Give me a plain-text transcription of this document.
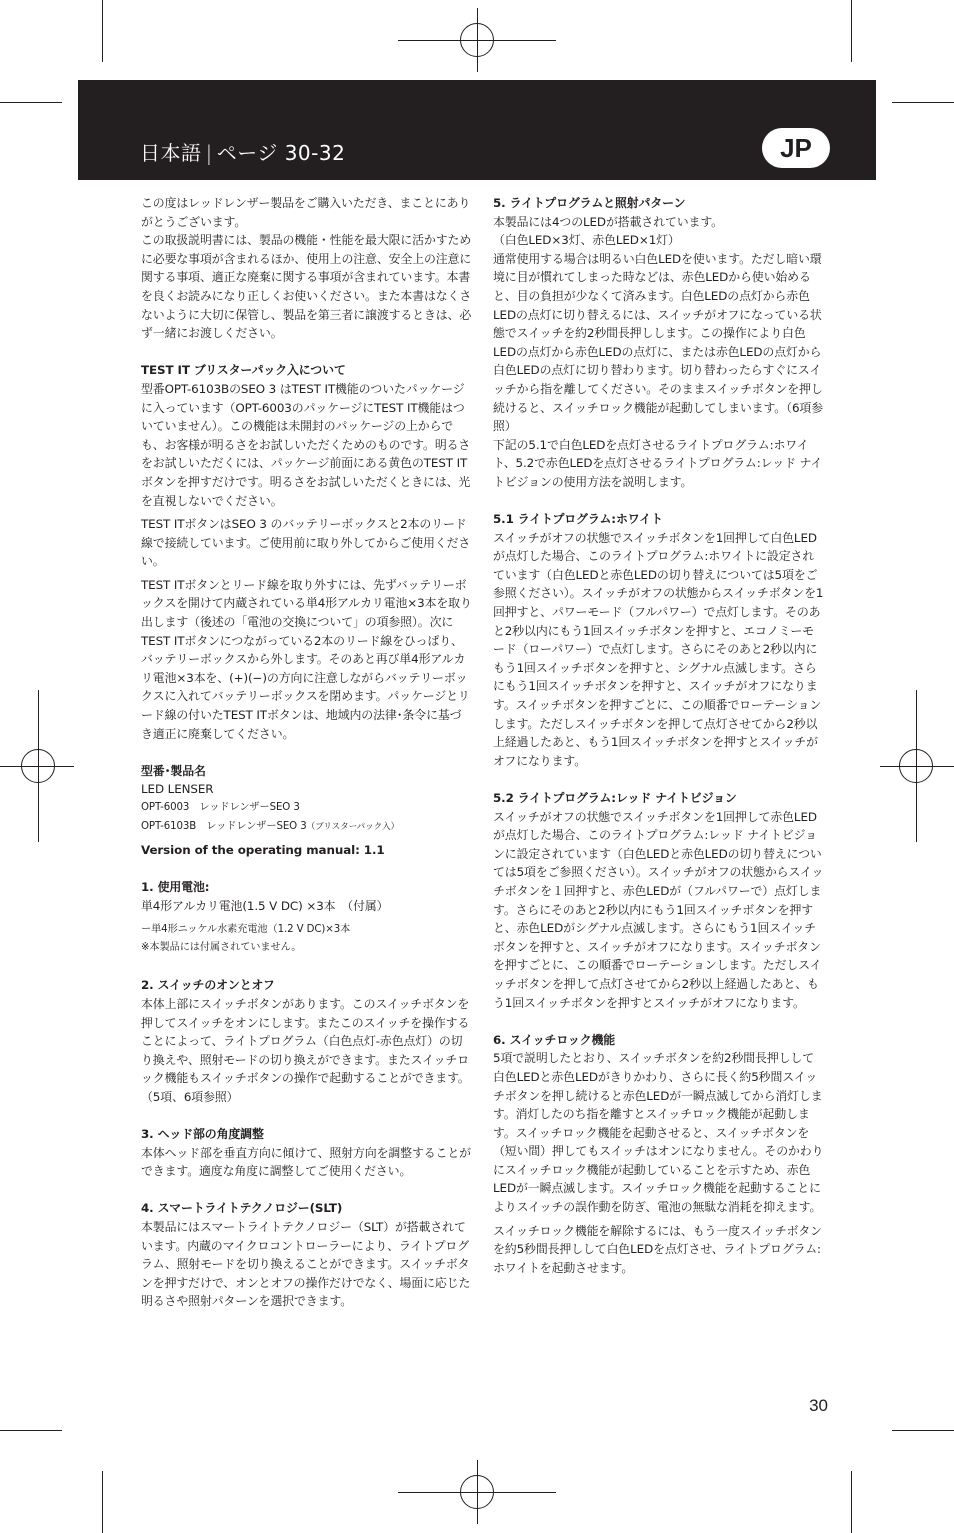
日本語 | ページ 30-32	JP

この度はレッドレンザー製品をご購入いただき、まことにありがとうございます。

この取扱説明書には、製品の機能・性能を最大限に活かすために必要な事項が含まれるほか、使用上の注意、安全上の注意に関する事項、適正な廃棄に関する事項が含まれています。本書を良くお読みになり正しくお使いください。また本書はなくさないように大切に保管し、製品を第三者に譲渡するときは、必ず一緒にお渡しください。

TEST IT ブリスターパック入について

型番OPT-6103BのSEO 3 はTEST IT機能のついたパッケージに入っています（OPT-6003のパッケージにTEST IT機能はついていません）。この機能は未開封のパッケージの上からでも、お客様が明るさをお試しいただくためのものです。明るさをお試しいただくには、パッケージ前面にある黄色のTEST ITボタンを押すだけです。明るさをお試しいただくときには、光を直視しないでください。

TEST ITボタンはSEO 3 のバッテリーボックスと2本のリード線で接続しています。ご使用前に取り外してからご使用ください。

TEST ITボタンとリード線を取り外すには、先ずバッテリーボックスを開けて内蔵されている単4形アルカリ電池×3本を取り出します（後述の「電池の交換について」の項参照）。次にTEST ITボタンにつながっている2本のリード線をひっぱり、バッテリーボックスから外します。そのあと再び単4形アルカリ電池×3本を、(+)(−)の方向に注意しながらバッテリーボックスに入れてバッテリーボックスを閉めます。パッケージとリード線の付いたTEST ITボタンは、地域内の法律･条令に基づき適正に廃棄してください。

型番･製品名

LED LENSER

OPT-6003　レッドレンザーSEO 3

OPT-6103B　レッドレンザーSEO 3（ブリスターパック入）

Version of the operating manual: 1.1
1. 使用電池:

単4形アルカリ電池(1.5 V DC) ×3本　（付属）

ー単4形ニッケル水素充電池（1.2 V DC)×3本

※本製品には付属されていません。

2. スイッチのオンとオフ

本体上部にスイッチボタンがあります。このスイッチボタンを押してスイッチをオンにします。またこのスイッチを操作することによって、ライトプログラム（白色点灯-赤色点灯）の切り換えや、照射モードの切り換えができます。またスイッチロック機能もスイッチボタンの操作で起動することができます。（5項、6項参照）

3. ヘッド部の角度調整

本体ヘッド部を垂直方向に傾けて、照射方向を調整することができます。適度な角度に調整してご使用ください。

4. スマートライトテクノロジー(SLT)

本製品にはスマートライトテクノロジー（SLT）が搭載されています。内蔵のマイクロコントローラーにより、ライトプログラム、照射モードを切り換えることができます。スイッチボタンを押すだけで、オンとオフの操作だけでなく、場面に応じた明るさや照射パターンを選択できます。

5. ライトプログラムと照射パターン

本製品には4つのLEDが搭載されています。

（白色LED×3灯、赤色LED×1灯）

通常使用する場合は明るい白色LEDを使います。ただし暗い環境に目が慣れてしまった時などは、赤色LEDから使い始めると、目の負担が少なくて済みます。白色LEDの点灯から赤色LEDの点灯に切り替えるには、スイッチがオフになっている状態でスイッチを約2秒間長押しします。この操作により白色LEDの点灯から赤色LEDの点灯に、または赤色LEDの点灯から白色LEDの点灯に切り替わります。切り替わったらすぐにスイッチから指を離してください。そのままスイッチボタンを押し続けると、スイッチロック機能が起動してしまいます。（6項参照）

下記の5.1で白色LEDを点灯させるライトプログラム:ホワイト、5.2で赤色LEDを点灯させるライトプログラム:レッド ナイトビジョンの使用方法を説明します。

5.1 ライトプログラム:ホワイト

スイッチがオフの状態でスイッチボタンを1回押して白色LEDが点灯した場合、このライトプログラム:ホワイトに設定されています（白色LEDと赤色LEDの切り替えについては5項をご参照ください）。スイッチがオフの状態からスイッチボタンを1回押すと、パワーモード（フルパワー）で点灯します。そのあと2秒以内にもう1回スイッチボタンを押すと、エコノミーモード（ローパワー）で点灯します。さらにそのあと2秒以内にもう1回スイッチボタンを押すと、シグナル点滅します。さらにもう1回スイッチボタンを押すと、スイッチがオフになります。スイッチボタンを押すごとに、この順番でローテーションします。ただしスイッチボタンを押して点灯させてから2秒以上経過したあと、もう1回スイッチボタンを押すとスイッチがオフになります。

5.2 ライトプログラム:レッド ナイトビジョン

スイッチがオフの状態でスイッチボタンを1回押して赤色LEDが点灯した場合、このライトプログラム:レッド ナイトビジョンに設定されています（白色LEDと赤色LEDの切り替えについては5項をご参照ください）。スイッチがオフの状態からスイッチボタンを１回押すと、赤色LEDが（フルパワーで）点灯します。さらにそのあと2秒以内にもう1回スイッチボタンを押すと、赤色LEDがシグナル点滅します。さらにもう1回スイッチボタンを押すと、スイッチがオフになります。スイッチボタンを押すごとに、この順番でローテーションします。ただしスイッチボタンを押して点灯させてから2秒以上経過したあと、もう1回スイッチボタンを押すとスイッチがオフになります。

6. スイッチロック機能

5項で説明したとおり、スイッチボタンを約2秒間長押しして白色LEDと赤色LEDがきりかわり、さらに長く約5秒間スイッチボタンを押し続けると赤色LEDが一瞬点滅してから消灯します。消灯したのち指を離すとスイッチロック機能が起動します。スイッチロック機能を起動させると、スイッチボタンを（短い間）押してもスイッチはオンになりません。そのかわりにスイッチロック機能が起動していることを示すため、赤色LEDが一瞬点滅します。スイッチロック機能を起動することによりスイッチの誤作動を防ぎ、電池の無駄な消耗を抑えます。

スイッチロック機能を解除するには、もう一度スイッチボタンを約5秒間長押しして白色LEDを点灯させ、ライトプログラム:ホワイトを起動させます。

30
